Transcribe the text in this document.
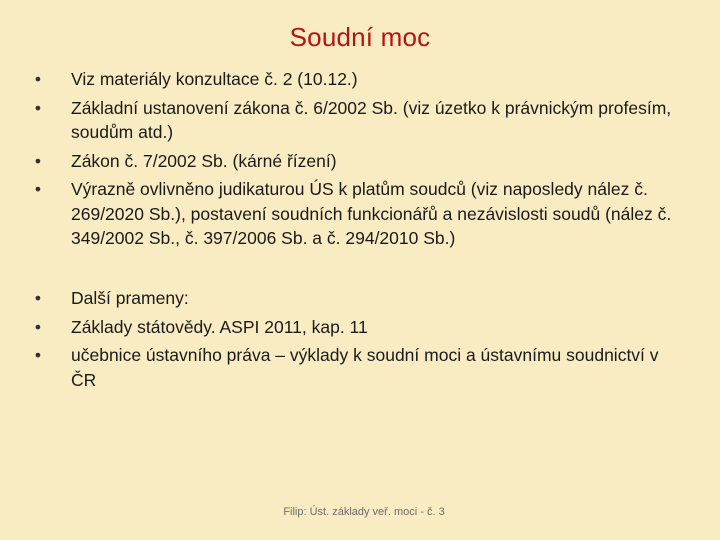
Soudní moc
• Viz materiály konzultace č. 2 (10.12.)
• Základní ustanovení zákona č. 6/2002 Sb. (viz úzetko k právnickým profesím, soudům atd.)
• Zákon č. 7/2002 Sb. (kárné řízení)
• Výrazně ovlivněno judikaturou ÚS k platům soudců (viz naposledy nález č. 269/2020 Sb.), postavení soudních funkcionářů a nezávislosti soudů (nález č. 349/2002 Sb., č. 397/2006 Sb. a č. 294/2010 Sb.)
• Další prameny:
• Základy státovědy. ASPI 2011, kap. 11
• učebnice ústavního práva – výklady k soudní moci a ústavnímu soudnictví v ČR
Filip: Úst. základy veř. moci - č. 3
